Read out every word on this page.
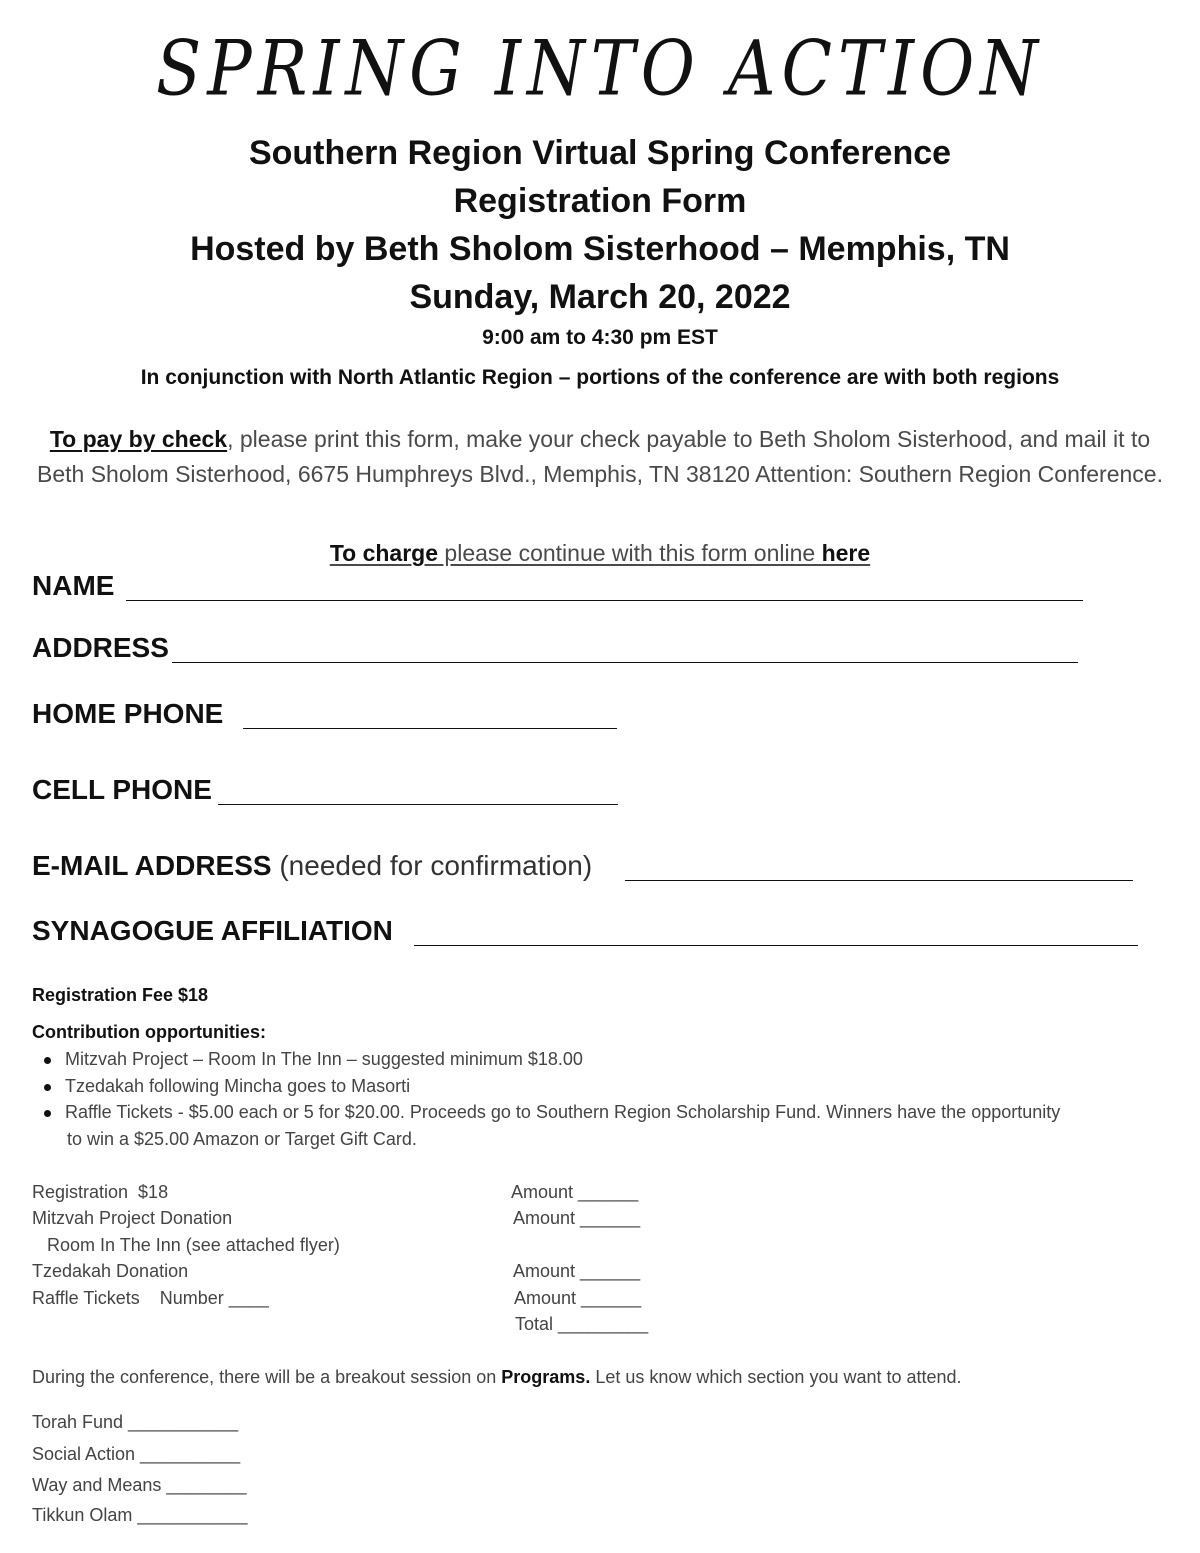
SPRING INTO ACTION
Southern Region Virtual Spring Conference
Registration Form
Hosted by Beth Sholom Sisterhood – Memphis, TN
Sunday, March 20, 2022
9:00 am to 4:30 pm EST
In conjunction with North Atlantic Region – portions of the conference are with both regions
To pay by check, please print this form, make your check payable to Beth Sholom Sisterhood, and mail it to Beth Sholom Sisterhood, 6675 Humphreys Blvd., Memphis, TN 38120 Attention: Southern Region Conference.
To charge please continue with this form online here
NAME
ADDRESS
HOME PHONE
CELL PHONE
E-MAIL ADDRESS (needed for confirmation)
SYNAGOGUE AFFILIATION
Registration Fee $18
Contribution opportunities:
Mitzvah Project – Room In The Inn – suggested minimum $18.00
Tzedakah following Mincha goes to Masorti
Raffle Tickets - $5.00 each or 5 for $20.00. Proceeds go to Southern Region Scholarship Fund. Winners have the opportunity
to win a $25.00 Amazon or Target Gift Card.
Registration  $18	Amount ______
Mitzvah Project Donation	Amount ______
Room In The Inn (see attached flyer)
Tzedakah Donation	Amount ______
Raffle Tickets    Number ____	Amount ______
Total _________
During the conference, there will be a breakout session on Programs. Let us know which section you want to attend.
Torah Fund ___________
Social Action __________
Way and Means ________
Tikkun Olam ___________
